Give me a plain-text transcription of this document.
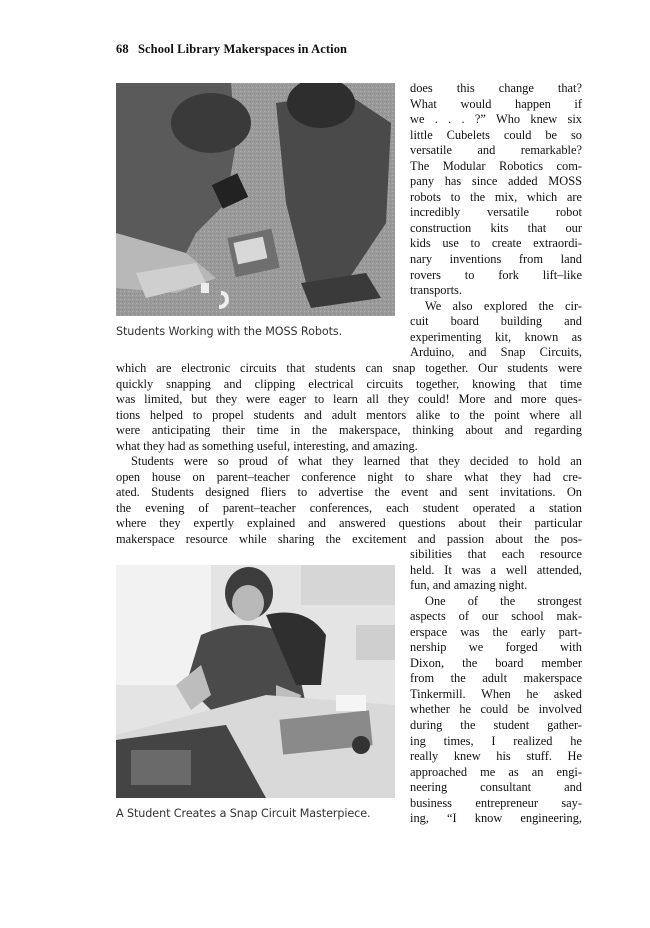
68 School Library Makerspaces in Action
Students Working with the MOSS Robots.
does this change that?
What would happen if
we . . . ?” Who knew six
little Cubelets could be so
versatile and remarkable?
The Modular Robotics com-
pany has since added MOSS
robots to the mix, which are
incredibly versatile robot
construction kits that our
kids use to create extraordi-
nary inventions from land
rovers to fork lift–like
transports.
We also explored the cir-
cuit board building and
experimenting kit, known as
Arduino, and Snap Circuits,
which are electronic circuits that students can snap together. Our students were
quickly snapping and clipping electrical circuits together, knowing that time
was limited, but they were eager to learn all they could! More and more ques-
tions helped to propel students and adult mentors alike to the point where all
were anticipating their time in the makerspace, thinking about and regarding
what they had as something useful, interesting, and amazing.
Students were so proud of what they learned that they decided to hold an
open house on parent–teacher conference night to share what they had cre-
ated. Students designed fliers to advertise the event and sent invitations. On
the evening of parent–teacher conferences, each student operated a station
where they expertly explained and answered questions about their particular
makerspace resource while sharing the excitement and passion about the pos-
A Student Creates a Snap Circuit Masterpiece.
sibilities that each resource
held. It was a well attended,
fun, and amazing night.
One of the strongest
aspects of our school mak-
erspace was the early part-
nership we forged with
Dixon, the board member
from the adult makerspace
Tinkermill. When he asked
whether he could be involved
during the student gather-
ing times, I realized he
really knew his stuff. He
approached me as an engi-
neering consultant and
business entrepreneur say-
ing, “I know engineering,
